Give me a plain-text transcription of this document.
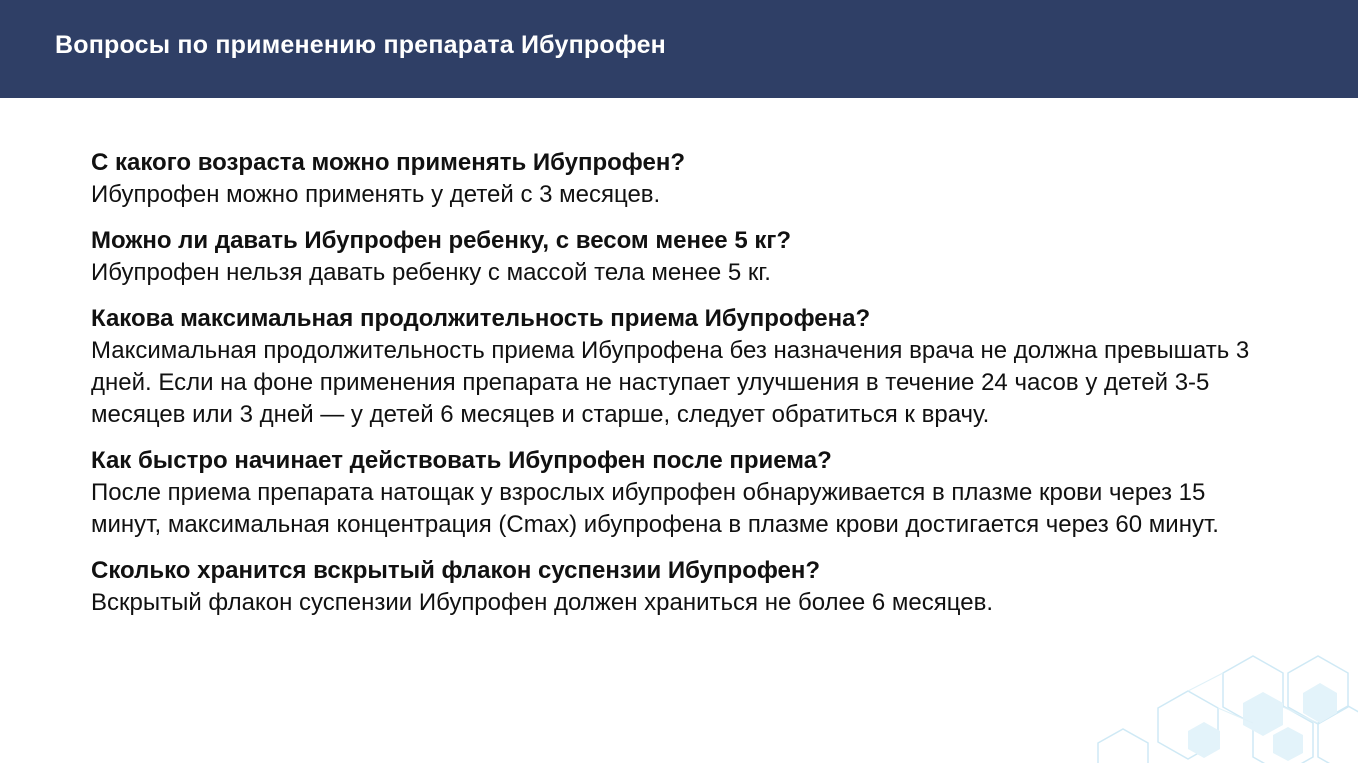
Вопросы по применению препарата Ибупрофен

С какого возраста можно применять Ибупрофен?

Ибупрофен можно применять у детей с 3 месяцев.

Можно ли давать Ибупрофен ребенку, с весом менее 5 кг?

Ибупрофен нельзя давать ребенку с массой тела менее 5 кг.

Какова максимальная продолжительность приема Ибупрофена?

Максимальная продолжительность приема Ибупрофена без назначения врача не должна превышать 3 дней. Если на фоне применения препарата не наступает улучшения в течение 24 часов у детей 3-5 месяцев или 3 дней — у детей 6 месяцев и старше, следует обратиться к врачу.

Как быстро начинает действовать Ибупрофен после приема?

После приема препарата натощак у взрослых ибупрофен обнаруживается в плазме крови через 15 минут, максимальная концентрация (Cmax) ибупрофена в плазме крови достигается через 60 минут.

Сколько хранится вскрытый флакон суспензии Ибупрофен?

Вскрытый флакон суспензии Ибупрофен должен храниться не более 6 месяцев.
